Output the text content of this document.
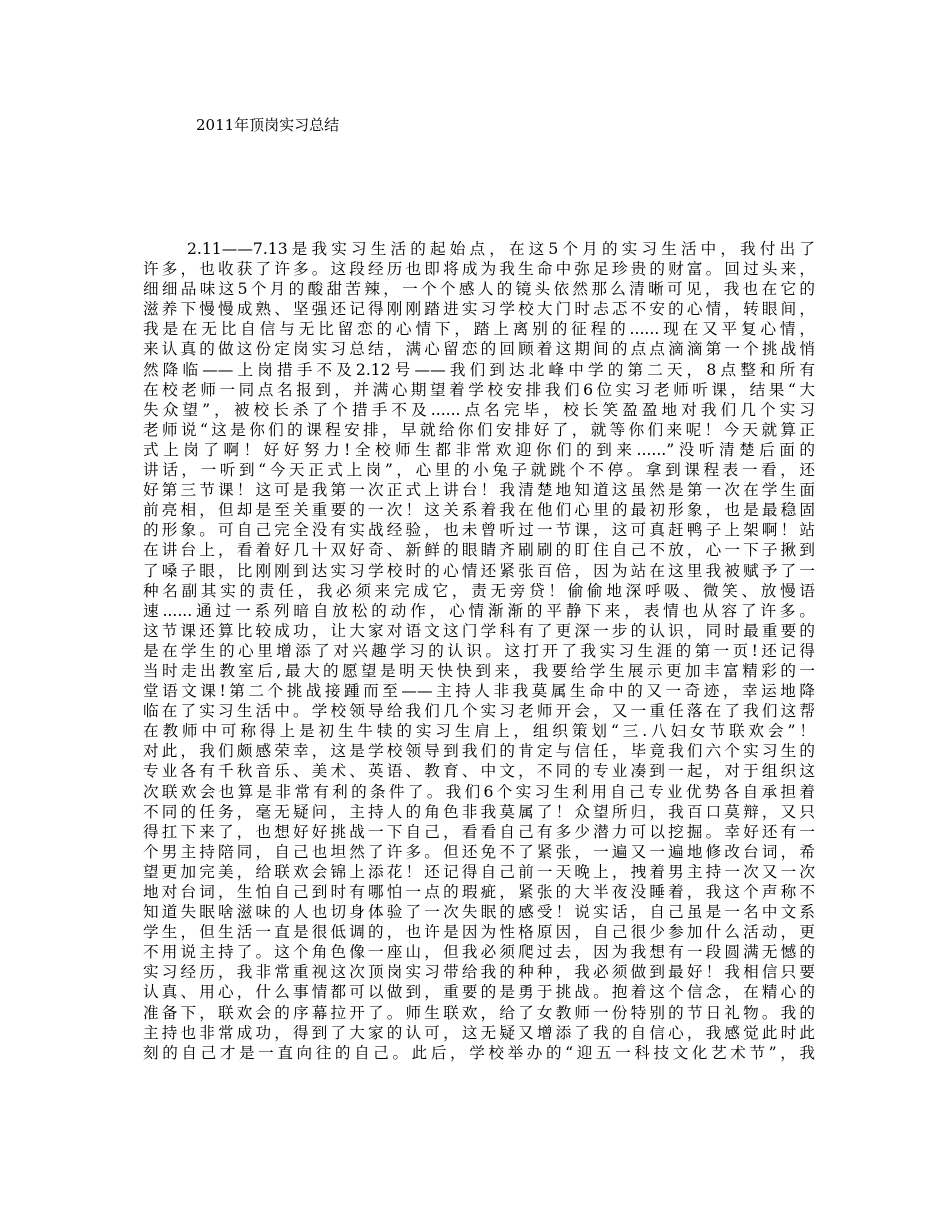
2011年顶岗实习总结
2.11——7.13是我实习生活的起始点，在这5个月的实习生活中，我付出了
许多，也收获了许多。这段经历也即将成为我生命中弥足珍贵的财富。回过头来，
细细品味这5个月的酸甜苦辣，一个个感人的镜头依然那么清晰可见，我也在它的
滋养下慢慢成熟、坚强还记得刚刚踏进实习学校大门时忐忑不安的心情，转眼间，
我是在无比自信与无比留恋的心情下，踏上离别的征程的......现在又平复心情，
来认真的做这份定岗实习总结，满心留恋的回顾着这期间的点点滴滴第一个挑战悄
然降临——上岗措手不及2.12号——我们到达北峰中学的第二天，8点整和所有
在校老师一同点名报到，并满心期望着学校安排我们6位实习老师听课，结果“大
失众望”，被校长杀了个措手不及......点名完毕，校长笑盈盈地对我们几个实习
老师说“这是你们的课程安排，早就给你们安排好了，就等你们来呢！今天就算正
式上岗了啊！好好努力!全校师生都非常欢迎你们的到来......”没听清楚后面的
讲话，一听到“今天正式上岗”，心里的小兔子就跳个不停。拿到课程表一看，还
好第三节课！这可是我第一次正式上讲台！我清楚地知道这虽然是第一次在学生面
前亮相，但却是至关重要的一次！这关系着我在他们心里的最初形象，也是最稳固
的形象。可自己完全没有实战经验，也未曾听过一节课，这可真赶鸭子上架啊！站
在讲台上，看着好几十双好奇、新鲜的眼睛齐刷刷的盯住自己不放，心一下子揪到
了嗓子眼，比刚刚到达实习学校时的心情还紧张百倍，因为站在这里我被赋予了一
种名副其实的责任，我必须来完成它，责无旁贷！偷偷地深呼吸、微笑、放慢语
速......通过一系列暗自放松的动作，心情渐渐的平静下来，表情也从容了许多。
这节课还算比较成功，让大家对语文这门学科有了更深一步的认识，同时最重要的
是在学生的心里增添了对兴趣学习的认识。这打开了我实习生涯的第一页!还记得
当时走出教室后,最大的愿望是明天快快到来，我要给学生展示更加丰富精彩的一
堂语文课!第二个挑战接踵而至——主持人非我莫属生命中的又一奇迹，幸运地降
临在了实习生活中。学校领导给我们几个实习老师开会，又一重任落在了我们这帮
在教师中可称得上是初生牛犊的实习生肩上，组织策划“三.八妇女节联欢会”！
对此，我们颇感荣幸，这是学校领导到我们的肯定与信任，毕竟我们六个实习生的
专业各有千秋音乐、美术、英语、教育、中文，不同的专业凑到一起，对于组织这
次联欢会也算是非常有利的条件了。我们6个实习生利用自己专业优势各自承担着
不同的任务，毫无疑问，主持人的角色非我莫属了！众望所归，我百口莫辩，又只
得扛下来了，也想好好挑战一下自己，看看自己有多少潜力可以挖掘。幸好还有一
个男主持陪同，自己也坦然了许多。但还免不了紧张，一遍又一遍地修改台词，希
望更加完美，给联欢会锦上添花！还记得自己前一天晚上，拽着男主持一次又一次
地对台词，生怕自己到时有哪怕一点的瑕疵，紧张的大半夜没睡着，我这个声称不
知道失眠啥滋味的人也切身体验了一次失眠的感受！说实话，自己虽是一名中文系
学生，但生活一直是很低调的，也许是因为性格原因，自己很少参加什么活动，更
不用说主持了。这个角色像一座山，但我必须爬过去，因为我想有一段圆满无憾的
实习经历，我非常重视这次顶岗实习带给我的种种，我必须做到最好！我相信只要
认真、用心，什么事情都可以做到，重要的是勇于挑战。抱着这个信念，在精心的
准备下，联欢会的序幕拉开了。师生联欢，给了女教师一份特别的节日礼物。我的
主持也非常成功，得到了大家的认可，这无疑又增添了我的自信心，我感觉此时此
刻的自己才是一直向往的自己。此后，学校举办的“迎五一科技文化艺术节”，我
